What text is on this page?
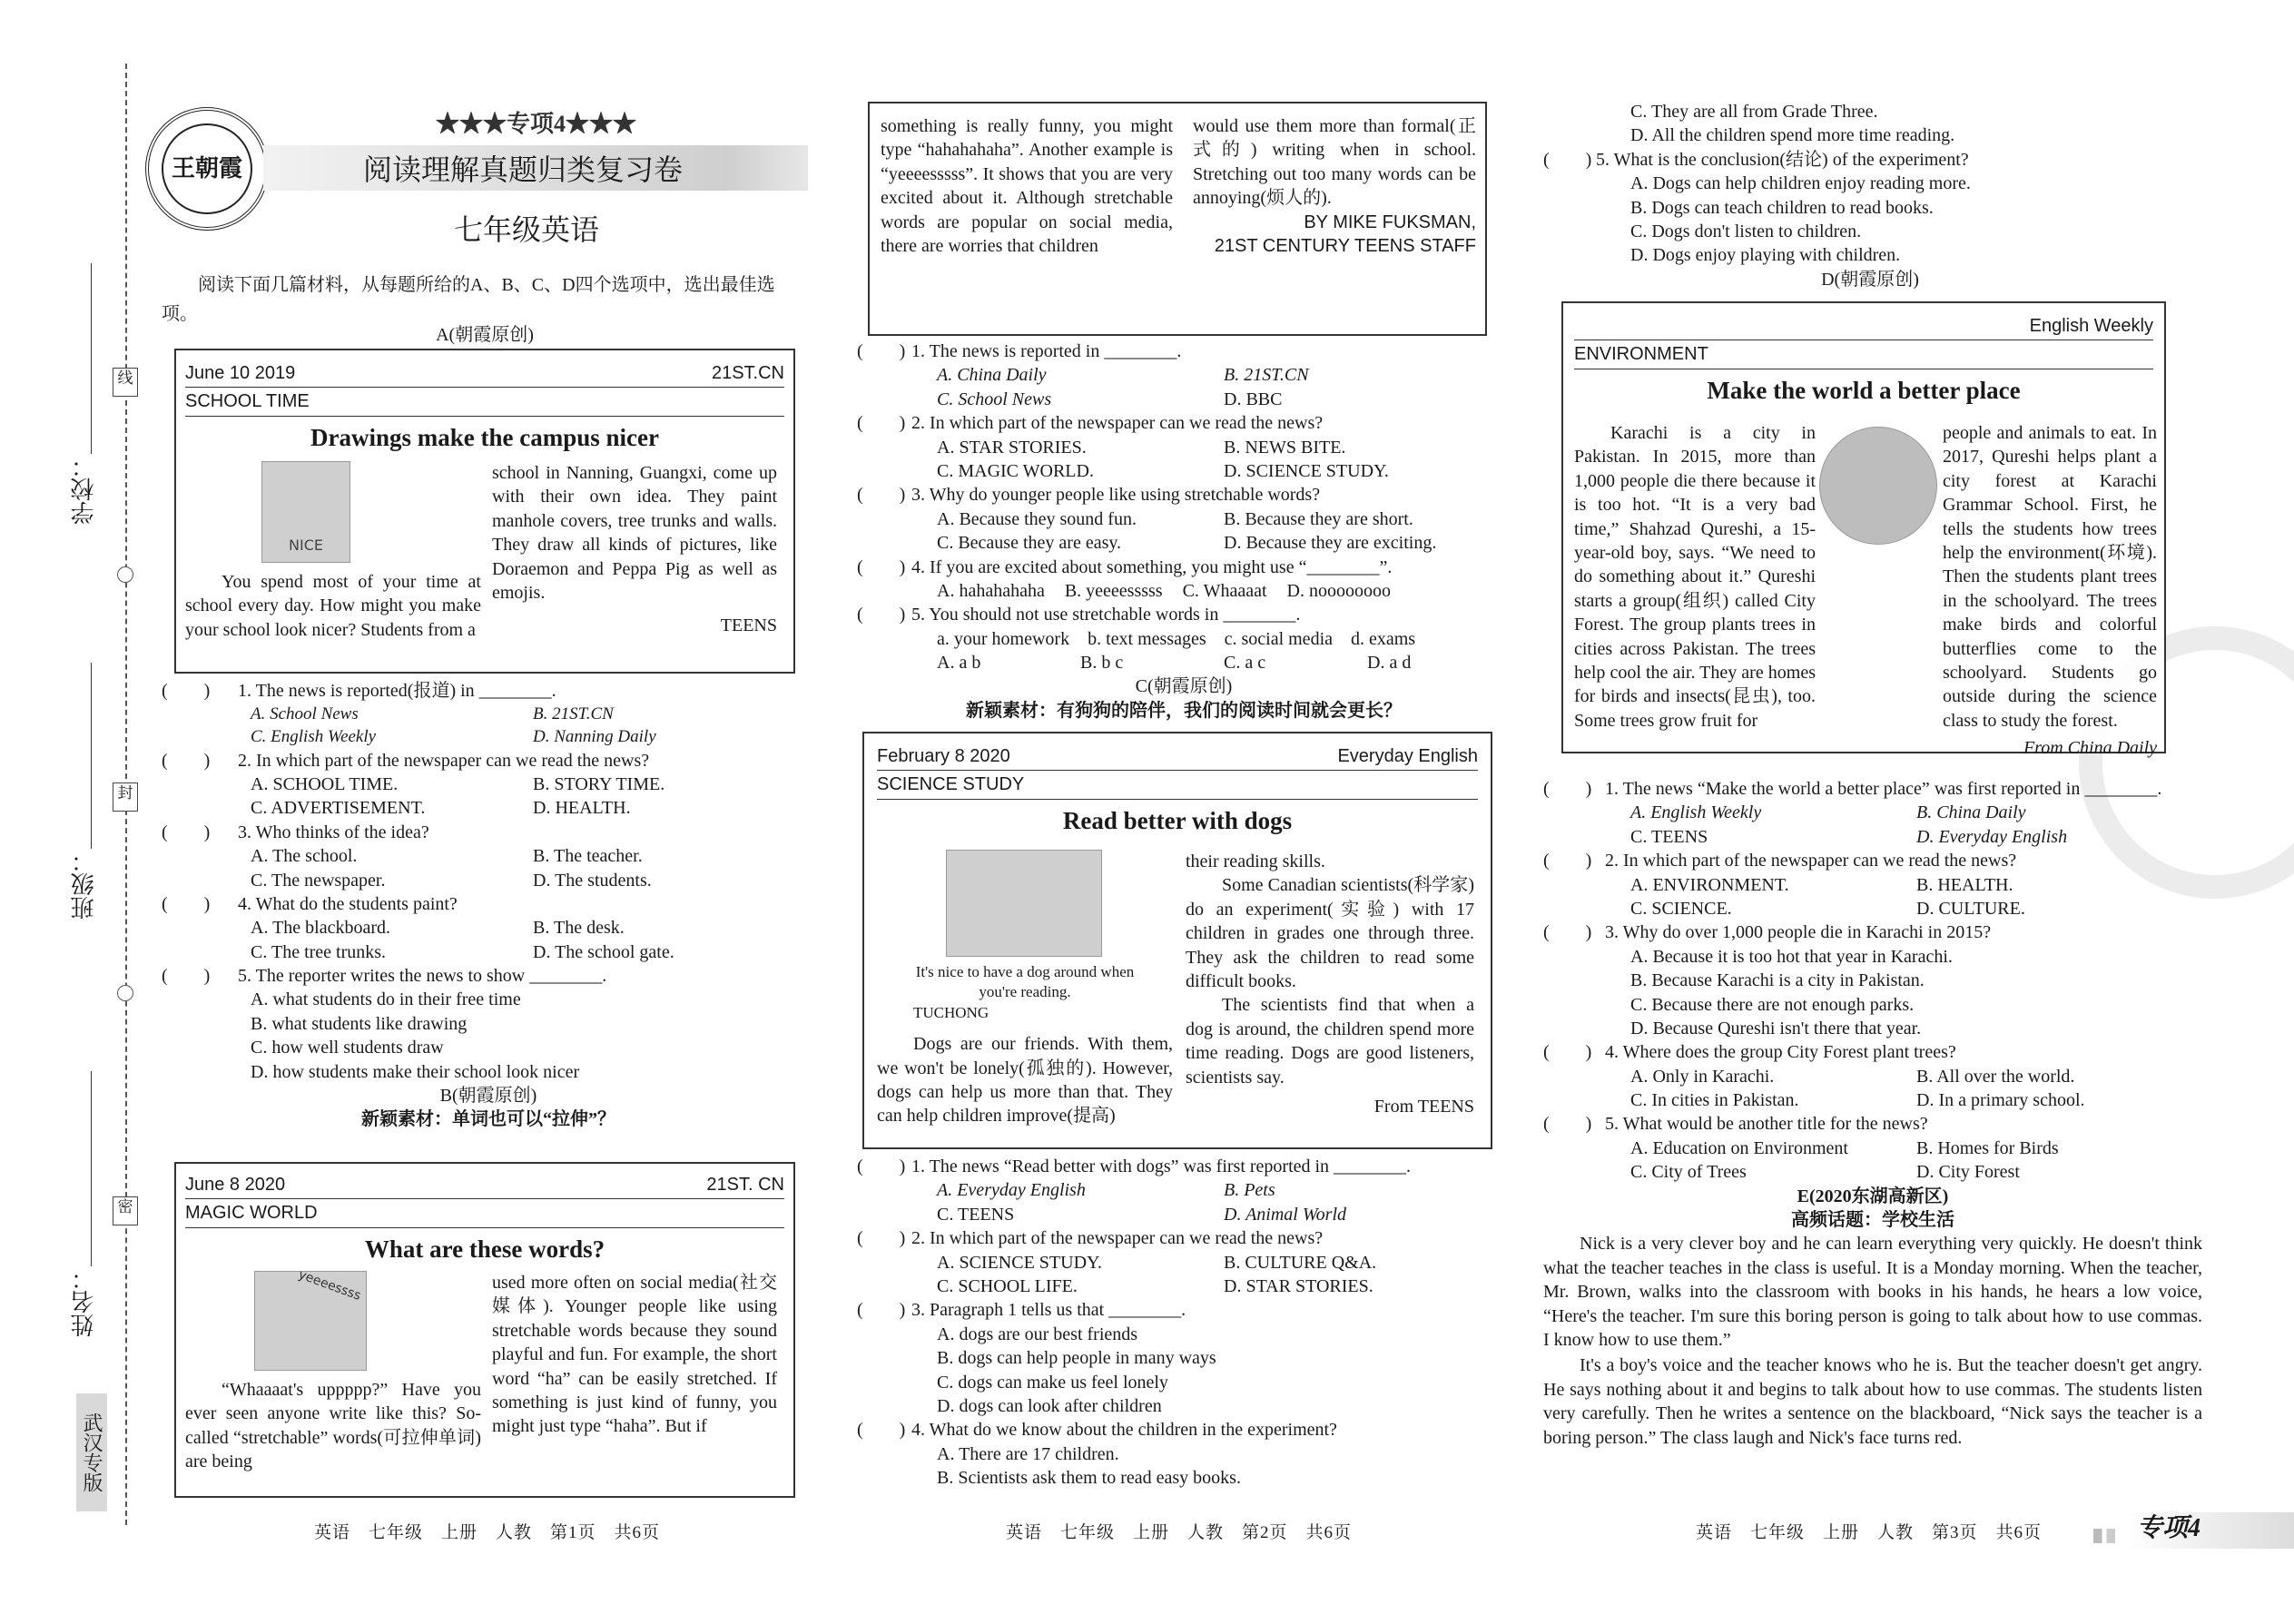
线
封
密
学校：
班级：
姓名：
武汉专版
王朝霞
★★★专项4★★★
阅读理解真题归类复习卷
七年级英语
阅读下面几篇材料，从每题所给的A、B、C、D四个选项中，选出最佳选项。
A(朝霞原创)
June 10 2019	21ST.CN
SCHOOL TIME
Drawings make the campus nicer
NICE
You spend most of your time at school every day. How might you make your school look nicer? Students from a
school in Nanning, Guangxi, come up with their own idea. They paint manhole covers, tree trunks and walls. They draw all kinds of pictures, like Doraemon and Peppa Pig as well as emojis.
TEENS

(　　) 1. The news is reported(报道) in ________.

A. School News	B. 21ST.CN
C. English Weekly	D. Nanning Daily

(　　) 2. In which part of the newspaper can we read the news?

A. SCHOOL TIME.	B. STORY TIME.
C. ADVERTISEMENT.	D. HEALTH.

(　　) 3. Who thinks of the idea?

A. The school.	B. The teacher.
C. The newspaper.	D. The students.

(　　) 4. What do the students paint?

A. The blackboard.	B. The desk.
C. The tree trunks.	D. The school gate.

(　　) 5. The reporter writes the news to show ________.

A. what students do in their free time
B. what students like drawing
C. how well students draw
D. how students make their school look nicer
B(朝霞原创)
新颖素材：单词也可以“拉伸”？
June 8 2020	21ST. CN
MAGIC WORLD
What are these words?
yeeeessss
“Whaaaat's uppppp?” Have you ever seen anyone write like this? So-called “stretchable” words(可拉伸单词) are being
used more often on social media(社交媒体). Younger people like using stretchable words because they sound playful and fun. For example, the short word “ha” can be easily stretched. If something is just kind of funny, you might just type “haha”. But if
英语　七年级　上册　人教　第1页　共6页
something is really funny, you might type “hahahahaha”. Another example is “yeeeesssss”. It shows that you are very excited about it. Although stretchable words are popular on social media, there are worries that children
would use them more than formal(正式的) writing when in school. Stretching out too many words can be annoying(烦人的).
BY MIKE FUKSMAN,
21ST CENTURY TEENS STAFF

(　　) 1. The news is reported in ________.

A. China Daily	B. 21ST.CN
C. School News	D. BBC

(　　) 2. In which part of the newspaper can we read the news?

A. STAR STORIES.	B. NEWS BITE.
C. MAGIC WORLD.	D. SCIENCE STUDY.

(　　) 3. Why do younger people like using stretchable words?

A. Because they sound fun.	B. Because they are short.
C. Because they are easy.	D. Because they are exciting.

(　　) 4. If you are excited about something, you might use “________”.

A. hahahahaha B. yeeeesssss C. Whaaaat D. noooooooo

(　　) 5. You should not use stretchable words in ________.

a. your homework　b. text messages　c. social media　d. exams
A. a b	B. b c	C. a c	D. a d
C(朝霞原创)
新颖素材：有狗狗的陪伴，我们的阅读时间就会更长？
February 8 2020	Everyday English
SCIENCE STUDY
Read better with dogs
It's nice to have a dog around when you're reading.
TUCHONG
Dogs are our friends. With them, we won't be lonely(孤独的). However, dogs can help us more than that. They can help children improve(提高)
their reading skills.
Some Canadian scientists(科学家) do an experiment(实验) with 17 children in grades one through three. They ask the children to read some difficult books.
The scientists find that when a dog is around, the children spend more time reading. Dogs are good listeners, scientists say.
From TEENS

(　　) 1. The news “Read better with dogs” was first reported in ________.

A. Everyday English	B. Pets
C. TEENS	D. Animal World

(　　) 2. In which part of the newspaper can we read the news?

A. SCIENCE STUDY.	B. CULTURE Q&A.
C. SCHOOL LIFE.	D. STAR STORIES.

(　　) 3. Paragraph 1 tells us that ________.

A. dogs are our best friends
B. dogs can help people in many ways
C. dogs can make us feel lonely
D. dogs can look after children

(　　) 4. What do we know about the children in the experiment?

A. There are 17 children.
B. Scientists ask them to read easy books.
英语　七年级　上册　人教　第2页　共6页
C. They are all from Grade Three.
D. All the children spend more time reading.

(　　) 5. What is the conclusion(结论) of the experiment?

A. Dogs can help children enjoy reading more.
B. Dogs can teach children to read books.
C. Dogs don't listen to children.
D. Dogs enjoy playing with children.
D(朝霞原创)
English Weekly
ENVIRONMENT
Make the world a better place
Karachi is a city in Pakistan. In 2015, more than 1,000 people die there because it is too hot. “It is a very bad time,” Shahzad Qureshi, a 15-year-old boy, says. “We need to do something about it.” Qureshi starts a group(组织) called City Forest. The group plants trees in cities across Pakistan. The trees help cool the air. They are homes for birds and insects(昆虫), too. Some trees grow fruit for
people and animals to eat. In 2017, Qureshi helps plant a city forest at Karachi Grammar School. First, he tells the students how trees help the environment(环境). Then the students plant trees in the schoolyard. The trees make birds and colorful butterflies come to the schoolyard. Students go outside during the science class to study the forest.
From China Daily

(　　) 1. The news “Make the world a better place” was first reported in ________.

A. English Weekly	B. China Daily
C. TEENS	D. Everyday English

(　　) 2. In which part of the newspaper can we read the news?

A. ENVIRONMENT.	B. HEALTH.
C. SCIENCE.	D. CULTURE.

(　　) 3. Why do over 1,000 people die in Karachi in 2015?

A. Because it is too hot that year in Karachi.
B. Because Karachi is a city in Pakistan.
C. Because there are not enough parks.
D. Because Qureshi isn't there that year.

(　　) 4. Where does the group City Forest plant trees?

A. Only in Karachi.	B. All over the world.
C. In cities in Pakistan.	D. In a primary school.

(　　) 5. What would be another title for the news?

A. Education on Environment	B. Homes for Birds
C. City of Trees	D. City Forest
E(2020东湖高新区)
高频话题：学校生活
Nick is a very clever boy and he can learn everything very quickly. He doesn't think what the teacher teaches in the class is useful. It is a Monday morning. When the teacher, Mr. Brown, walks into the classroom with books in his hands, he hears a low voice, “Here's the teacher. I'm sure this boring person is going to talk about how to use commas. I know how to use them.”
It's a boy's voice and the teacher knows who he is. But the teacher doesn't get angry. He says nothing about it and begins to talk about how to use commas. The students listen very carefully. Then he writes a sentence on the blackboard, “Nick says the teacher is a boring person.” The class laugh and Nick's face turns red.
英语　七年级　上册　人教　第3页　共6页	专项4
